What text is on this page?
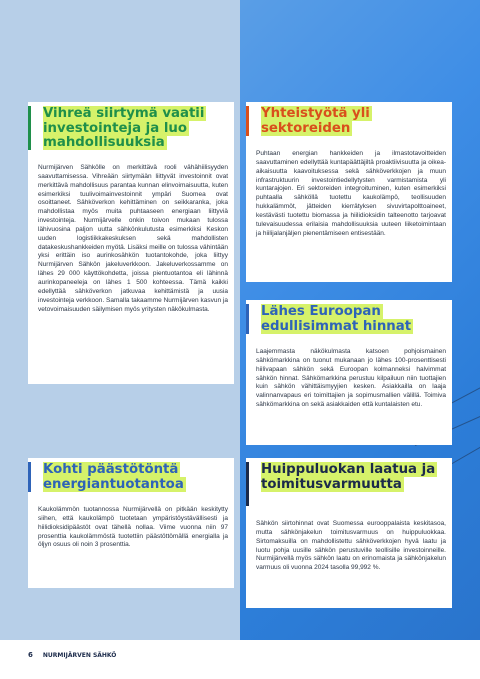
Vihreä siirtymä vaatii investointeja ja luo mahdollisuuksia

Nurmijärven Sähkölle on merkittävä rooli vähähiilisyyden saavuttamisessa. Vihreään siirtymään liittyvät investoinnit ovat merkittävä mahdollisuus parantaa kunnan elinvoimaisuutta, kuten esimerkiksi tuulivoimainvestoinnit ympäri Suomea ovat osoittaneet. Sähköverkon kehittäminen on seikkaranka, joka mahdollistaa myös muita puhtaaseen energiaan liittyviä investointeja. Nurmijärvelle onkin toivon mukaan tulossa lähivuosina paljon uutta sähkönkulutusta esimerkiksi Keskon uuden logistiikkakeskuksen sekä mahdollisten datakeskushankkeiden myötä. Lisäksi meille on tulossa vähintään yksi erittäin iso aurinkosähkön tuotantokohde, joka liittyy Nurmijärven Sähkön jakeluverkkoon. Jakeluverkossamme on lähes 29 000 käyttökohdetta, joissa pientuotantoa eli lähinnä aurinkopaneeleja on lähes 1 500 kohteessa. Tämä kaikki edellyttää sähköverkon jatkuvaa kehittämistä ja uusia investointeja verkkoon. Samalla takaamme Nurmijärven kasvun ja vetovoimaisuuden säilymisen myös yritysten näkökulmasta.

Yhteistyötä yli sektoreiden

Puhtaan energian hankkeiden ja ilmastotavoitteiden saavuttaminen edellyttää kuntapäättäjiltä proaktiivisuutta ja oikea-aikaisuutta kaavoituksessa sekä sähköverkkojen ja muun infrastruktuurin investointiedellytysten varmistamista yli kuntarajojen. Eri sektoreiden integroituminen, kuten esimerkiksi puhtaalla sähköllä tuotettu kaukolämpö, teollisuuden hukkalämmöt, jätteiden kierrätyksen sivuvirtapolttoaineet, kestävästi tuotettu biomassa ja hiilidioksidin talteenotto tarjoavat tulevaisuudessa erilaisia mahdollisuuksia uuteen liiketoimintaan ja hiilijalanjäljen pienentämiseen entisestään.

Lähes Euroopan edullisimmat hinnat

Laajemmasta näkökulmasta katsoen pohjoismainen sähkömarkkina on tuonut mukanaan jo lähes 100-prosenttisesti hiilivapaan sähkön sekä Euroopan kolmanneksi halvimmat sähkön hinnat. Sähkömarkkina perustuu kilpailuun niin tuottajien kuin sähkön vähittäismyyjien kesken. Asiakkailla on laaja valinnanvapaus eri toimittajien ja sopimusmallien välillä. Toimiva sähkömarkkina on sekä asiakkaiden että kuntalaisten etu.

Kohti päästötöntä energiantuotantoa

Kaukolämmön tuotannossa Nurmijärvellä on pitkään keskitytty siihen, että kaukolämpö tuotetaan ympäristöystävällisesti ja hiilidioksidipäästöt ovat tähellä nollaa. Viime vuonna niin 97 prosenttia kaukolämmöstä tuotettiin päästöttömällä energialla ja öljyn osuus oli noin 3 prosenttia.

Huippuluokan laatua ja toimitusvarmuutta

Sähkön siirtohinnat ovat Suomessa eurooppalaista keskitasoa, mutta sähkönjakelun toimitusvarmuus on huippuluokkaa. Sirtomaksuilla on mahdollistettu sähköverkkojen hyvä laatu ja luotu pohja uusille sähkön perustuville teollisille investoinneille. Nurmijärvellä myös sähkön laatu on erinomaista ja sähkönjakelun varmuus oli vuonna 2024 tasolla 99,992 %.

6 NURMIJÄRVEN SÄHKÖ
